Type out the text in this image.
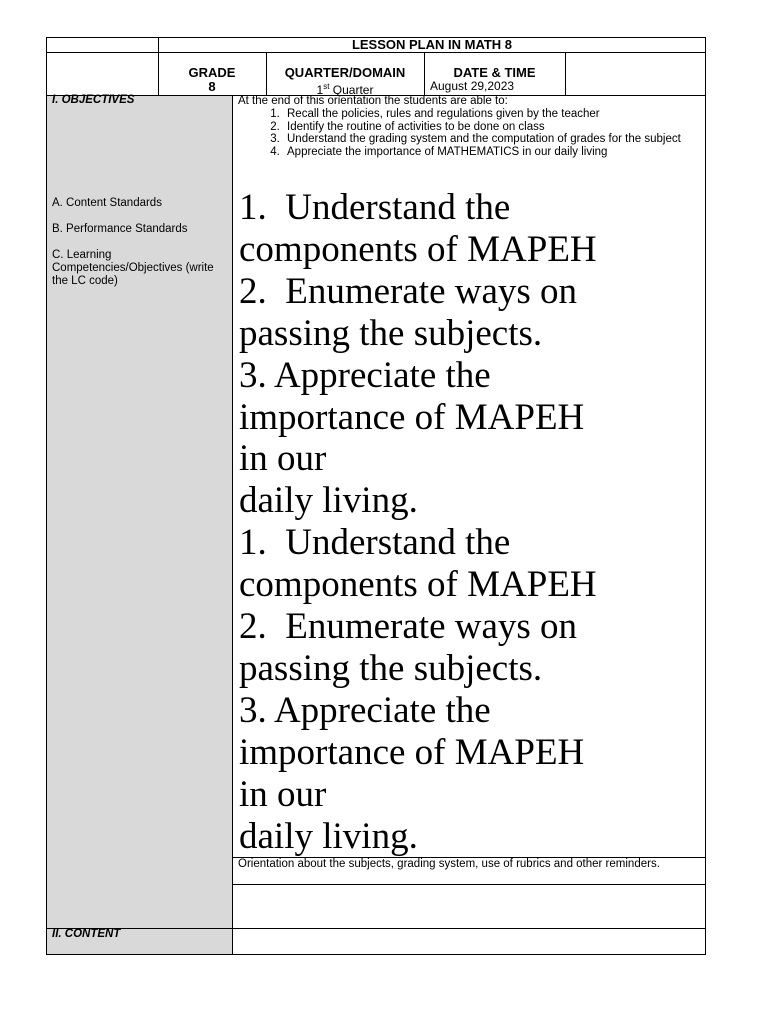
LESSON PLAN IN MATH 8
GRADE
8
QUARTER/DOMAIN
1st Quarter
DATE & TIME
August 29,2023
I. OBJECTIVES
A. Content Standards
B. Performance Standards
C. Learning Competencies/Objectives (write the LC code)
II. CONTENT
At the end of this orientation the students are able to:
1. Recall the policies, rules and regulations given by the teacher
2. Identify the routine of activities to be done on class
3. Understand the grading system and the computation of grades for the subject
4. Appreciate the importance of MATHEMATICS in our daily living
1.  Understand the
components of MAPEH
2.  Enumerate ways on
passing the subjects.
3. Appreciate the
importance of MAPEH
in our
daily living.
1.  Understand the
components of MAPEH
2.  Enumerate ways on
passing the subjects.
3. Appreciate the
importance of MAPEH
in our
daily living.
Orientation about the subjects, grading system, use of rubrics and other reminders.
